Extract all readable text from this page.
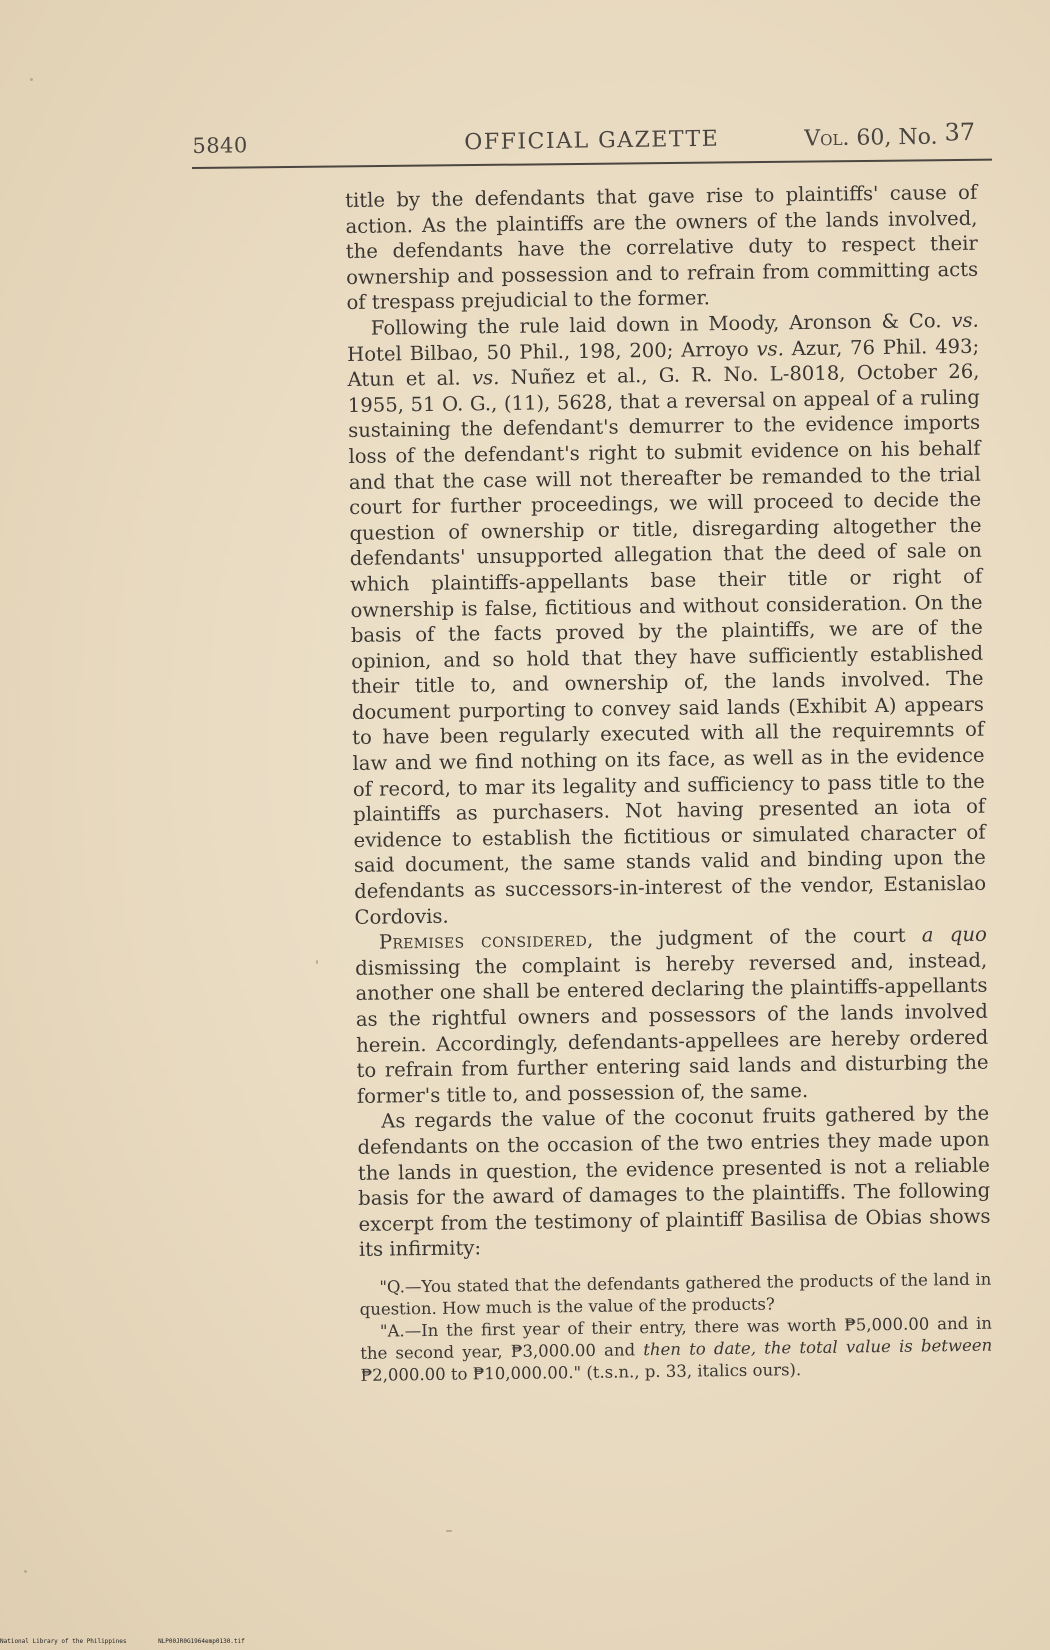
5840	OFFICIAL GAZETTE	Vol. 60, No. 37

title by the defendants that gave rise to plaintiffs' cause of action. As the plaintiffs are the owners of the lands involved, the defendants have the correlative duty to respect their ownership and possession and to refrain from committing acts of trespass prejudicial to the former.

Following the rule laid down in Moody, Aronson & Co. vs. Hotel Bilbao, 50 Phil., 198, 200; Arroyo vs. Azur, 76 Phil. 493; Atun et al. vs. Nuñez et al., G. R. No. L-8018, October 26, 1955, 51 O. G., (11), 5628, that a reversal on appeal of a ruling sustaining the defendant's demurrer to the evidence imports loss of the defendant's right to submit evidence on his behalf and that the case will not thereafter be remanded to the trial court for further proceedings, we will proceed to decide the question of ownership or title, disregarding altogether the defendants' unsupported allegation that the deed of sale on which plaintiffs-appellants base their title or right of ownership is false, fictitious and without consideration. On the basis of the facts proved by the plaintiffs, we are of the opinion, and so hold that they have sufficiently established their title to, and ownership of, the lands involved. The document purporting to convey said lands (Exhibit A) appears to have been regularly executed with all the requiremnts of law and we find nothing on its face, as well as in the evidence of record, to mar its legality and sufficiency to pass title to the plaintiffs as purchasers. Not having presented an iota of evidence to establish the fictitious or simulated character of said document, the same stands valid and binding upon the defendants as successors-in-interest of the vendor, Estanislao Cordovis.

Premises considered, the judgment of the court a quo dismissing the complaint is hereby reversed and, instead, another one shall be entered declaring the plaintiffs-appellants as the rightful owners and possessors of the lands involved herein. Accordingly, defendants-appellees are hereby ordered to refrain from further entering said lands and disturbing the former's title to, and possession of, the same.

As regards the value of the coconut fruits gathered by the defendants on the occasion of the two entries they made upon the lands in question, the evidence presented is not a reliable basis for the award of damages to the plaintiffs. The following excerpt from the testimony of plaintiff Basilisa de Obias shows its infirmity:

"Q.—You stated that the defendants gathered the products of the land in question. How much is the value of the products?

"A.—In the first year of their entry, there was worth ₱5,000.00 and in the second year, ₱3,000.00 and then to date, the total value is between ₱2,000.00 to ₱10,000.00." (t.s.n., p. 33, italics ours).

National Library of the Philippines	NLP00JR0G1964emp0130.tif
